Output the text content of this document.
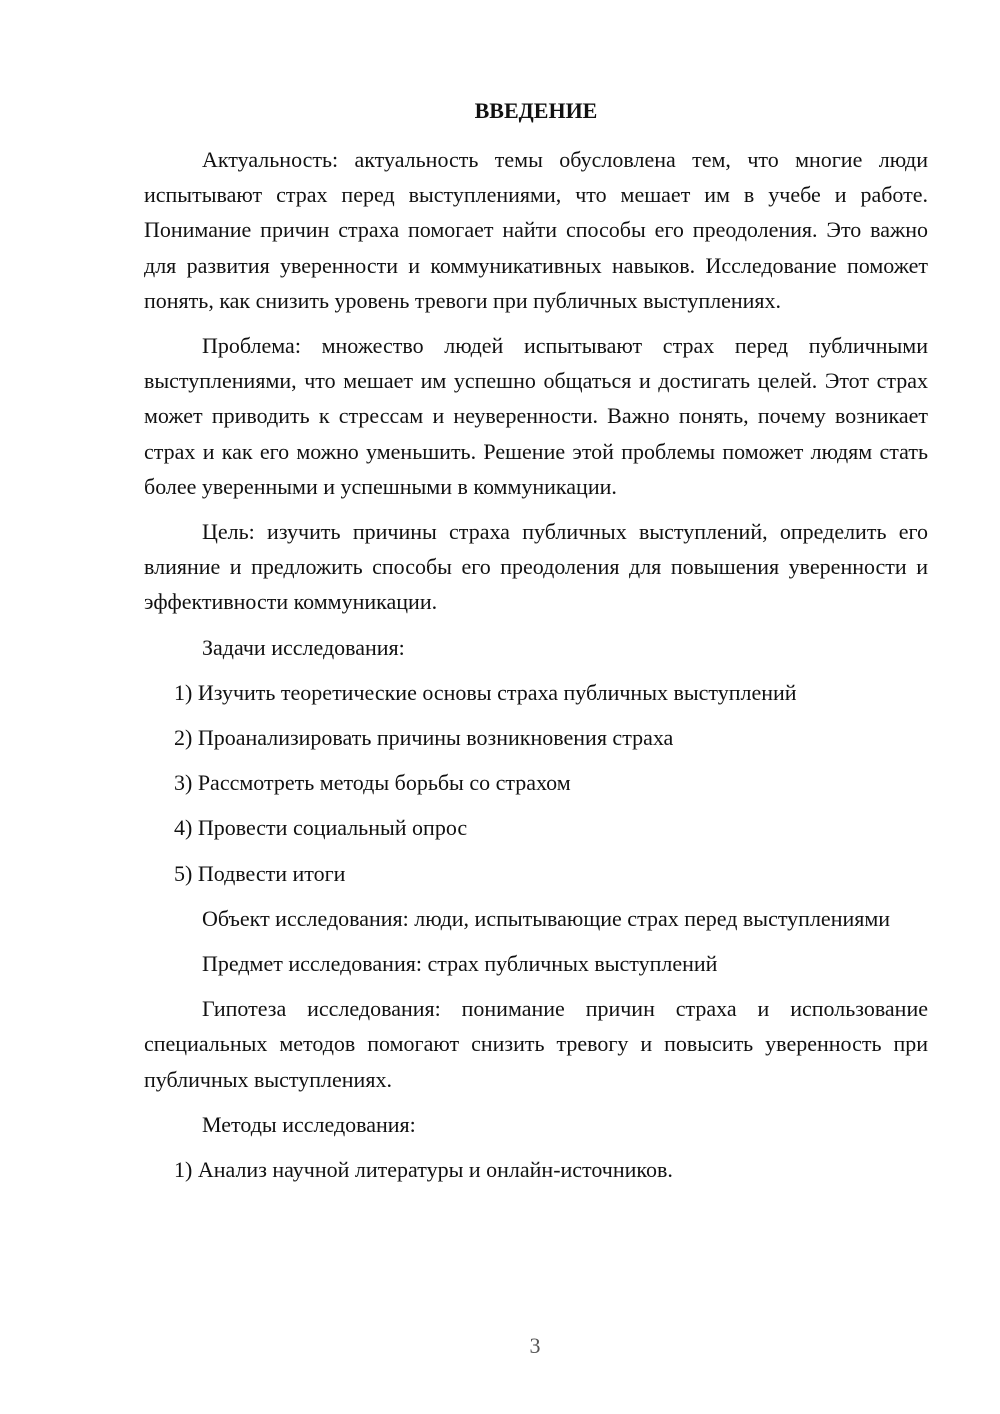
ВВЕДЕНИЕ

Актуальность: актуальность темы обусловлена тем, что многие люди испытывают страх перед выступлениями, что мешает им в учебе и работе. Понимание причин страха помогает найти способы его преодоления. Это важно для развития уверенности и коммуникативных навыков. Исследование поможет понять, как снизить уровень тревоги при публичных выступлениях.

Проблема: множество людей испытывают страх перед публичными выступлениями, что мешает им успешно общаться и достигать целей. Этот страх может приводить к стрессам и неуверенности. Важно понять, почему возникает страх и как его можно уменьшить. Решение этой проблемы поможет людям стать более уверенными и успешными в коммуникации.

Цель: изучить причины страха публичных выступлений, определить его влияние и предложить способы его преодоления для повышения уверенности и эффективности коммуникации.

Задачи исследования:

1) Изучить теоретические основы страха публичных выступлений

2) Проанализировать причины возникновения страха

3) Рассмотреть методы борьбы со страхом

4) Провести социальный опрос

5) Подвести итоги

Объект исследования: люди, испытывающие страх перед выступлениями

Предмет исследования: страх публичных выступлений

Гипотеза исследования: понимание причин страха и использование специальных методов помогают снизить тревогу и повысить уверенность при публичных выступлениях.

Методы исследования:

1) Анализ научной литературы и онлайн-источников.

3
